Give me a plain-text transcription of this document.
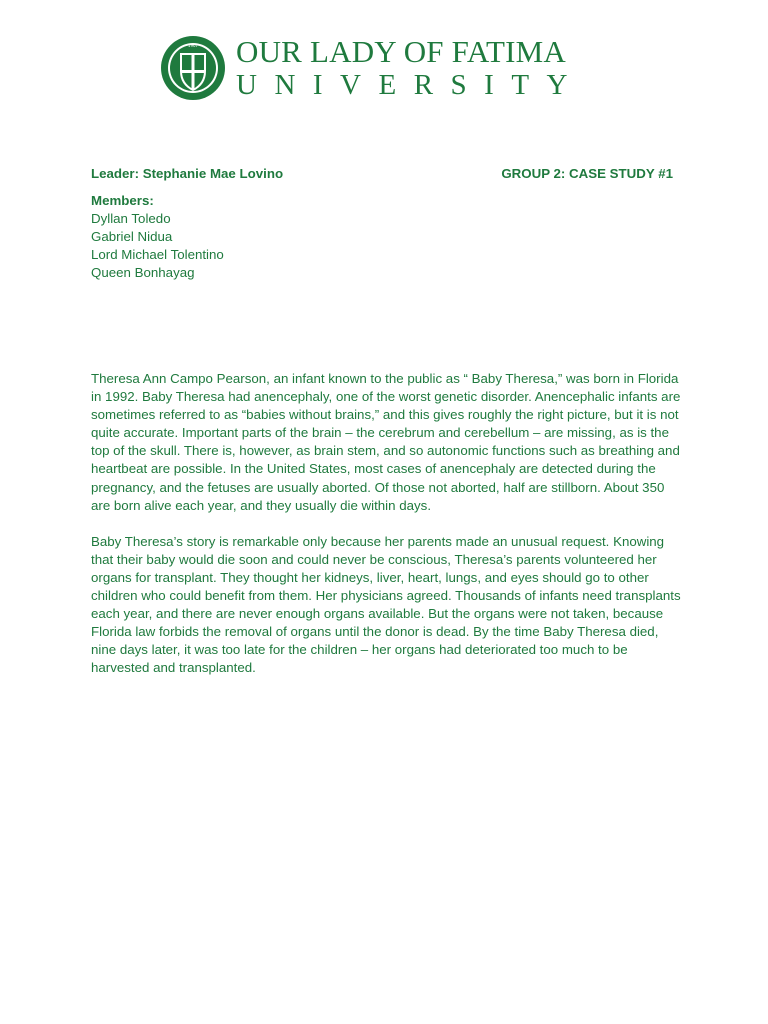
1967 OUR LADY OF FATIMA
UNIVERSITY
Leader: Stephanie Mae Lovino	GROUP 2: CASE STUDY #1
Members:
Dyllan Toledo
Gabriel Nidua
Lord Michael Tolentino
Queen Bonhayag

Theresa Ann Campo Pearson, an infant known to the public as “ Baby Theresa,” was born in Florida in 1992. Baby Theresa had anencephaly, one of the worst genetic disorder. Anencephalic infants are sometimes referred to as “babies without brains,” and this gives roughly the right picture, but it is not quite accurate. Important parts of the brain – the cerebrum and cerebellum – are missing, as is the top of the skull. There is, however, as brain stem, and so autonomic functions such as breathing and heartbeat are possible. In the United States, most cases of anencephaly are detected during the pregnancy, and the fetuses are usually aborted. Of those not aborted, half are stillborn. About 350 are born alive each year, and they usually die within days.

Baby Theresa’s story is remarkable only because her parents made an unusual request. Knowing that their baby would die soon and could never be conscious, Theresa’s parents volunteered her organs for transplant. They thought her kidneys, liver, heart, lungs, and eyes should go to other children who could benefit from them. Her physicians agreed. Thousands of infants need transplants each year, and there are never enough organs available. But the organs were not taken, because Florida law forbids the removal of organs until the donor is dead. By the time Baby Theresa died, nine days later, it was too late for the children – her organs had deteriorated too much to be harvested and transplanted.
